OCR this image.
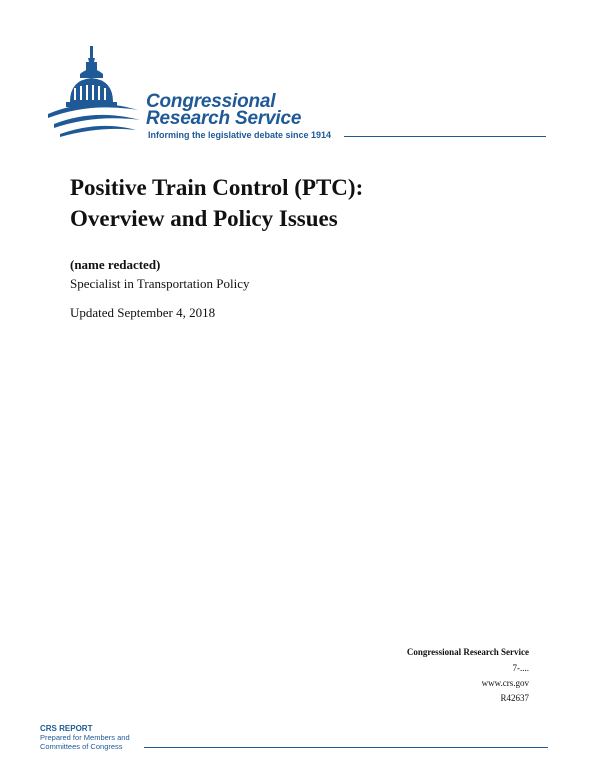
Congressional
Research Service
Informing the legislative debate since 1914
Positive Train Control (PTC):
Overview and Policy Issues
(name redacted)
Specialist in Transportation Policy
Updated September 4, 2018
Congressional Research Service
7-....
www.crs.gov
R42637
CRS REPORT
Prepared for Members and
Committees of Congress
